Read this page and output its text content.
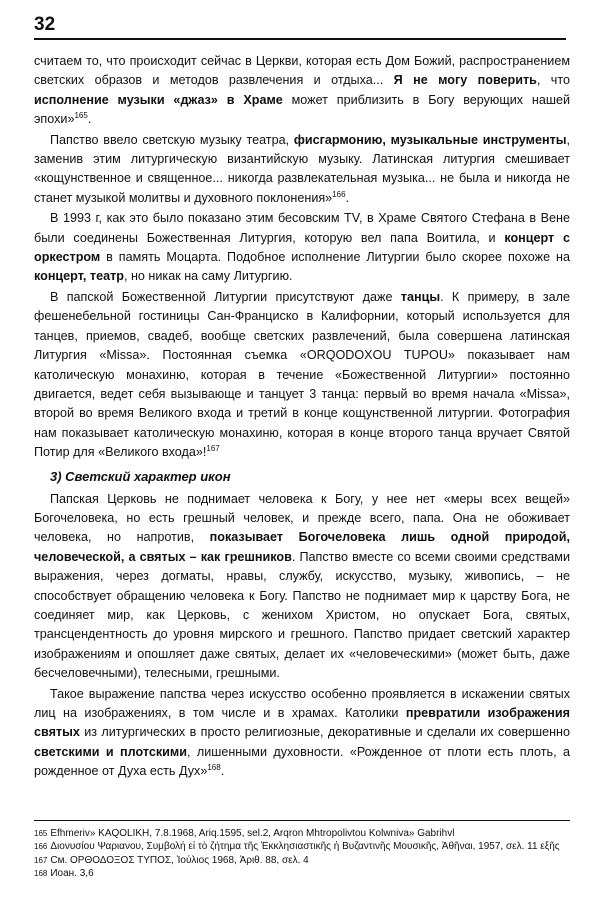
32

считаем то, что происходит сейчас в Церкви, которая есть Дом Божий, распространением светских образов и методов развлечения и отдыха... Я не могу поверить, что исполнение музыки «джаз» в Храме может приблизить в Богу верующих нашей эпохи»$^{165}$.

Папство ввело светскую музыку театра, фисгармонию, музыкальные инструменты, заменив этим литургическую византийскую музыку. Латинская литургия смешивает «кощунственное и священное... никогда развлекательная музыка... не была и никогда не станет музыкой молитвы и духовного поклонения»$^{166}$.

В 1993 г, как это было показано этим бесовским TV, в Храме Святого Стефана в Вене были соединены Божественная Литургия, которую вел папа Воитила, и концерт с оркестром в память Моцарта. Подобное исполнение Литургии было скорее похоже на концерт, театр, но никак на саму Литургию.

В папской Божественной Литургии присутствуют даже танцы. К примеру, в зале фешенебельной гостиницы Сан-Франциско в Калифорнии, который используется для танцев, приемов, свадеб, вообще светских развлечений, была совершена латинская Литургия «Missa». Постоянная съемка «ORQODOXOU TUPOU» показывает нам католическую монахиню, которая в течение «Божественной Литургии» постоянно двигается, ведет себя вызывающе и танцует 3 танца: первый во время начала «Missa», второй во время Великого входа и третий в конце кощунственной литургии. Фотография нам показывает католическую монахиню, которая в конце второго танца вручает Святой Потир для «Великого входа»!$^{167}$

3) Светский характер икон

Папская Церковь не поднимает человека к Богу, у нее нет «меры всех вещей» Богочеловека, но есть грешный человек, и прежде всего, папа. Она не обоживает человека, но напротив, показывает Богочеловека лишь одной природой, человеческой, а святых – как грешников. Папство вместе со всеми своими средствами выражения, через догматы, нравы, службу, искусство, музыку, живопись, – не способствует обращению человека к Богу. Папство не поднимает мир к царству Бога, не соединяет мир, как Церковь, с женихом Христом, но опускает Бога, святых, трансцендентность до уровня мирского и грешного. Папство придает светский характер изображениям и опошляет даже святых, делает их «человеческими» (может быть, даже бесчеловечными), телесными, грешными.

Такое выражение папства через искусство особенно проявляется в искажении святых лиц на изображениях, в том числе и в храмах. Католики превратили изображения святых из литургических в просто религиозные, декоративные и сделали их совершенно светскими и плотскими, лишенными духовности. «Рожденное от плоти есть плоть, а рожденное от Духа есть Дух»$^{168}$.

$^{165}$ Efhmeriv» KAQOLIKH, 7.8.1968, Ariq.1595, sel.2, Arqron Mhtropolivtou Kolwniva» Gabrihvl
$^{166}$ Διονυσίου Ψαριανου, Συμβολή εἰ τὸ ζήτημα τῆς Ἐκκλησιαστικῆς ἡ Βυζαντινῆς Μουσικῆς, Ἀθῆναι, 1957, σελ. 11 εξῆς
$^{167}$ См. ΟΡΘΟΔΟΞΟΣ ΤΥΠΟΣ, Ἰούλιος 1968, Ἀριθ. 88, σελ. 4
$^{168}$ Иоан. 3,6
